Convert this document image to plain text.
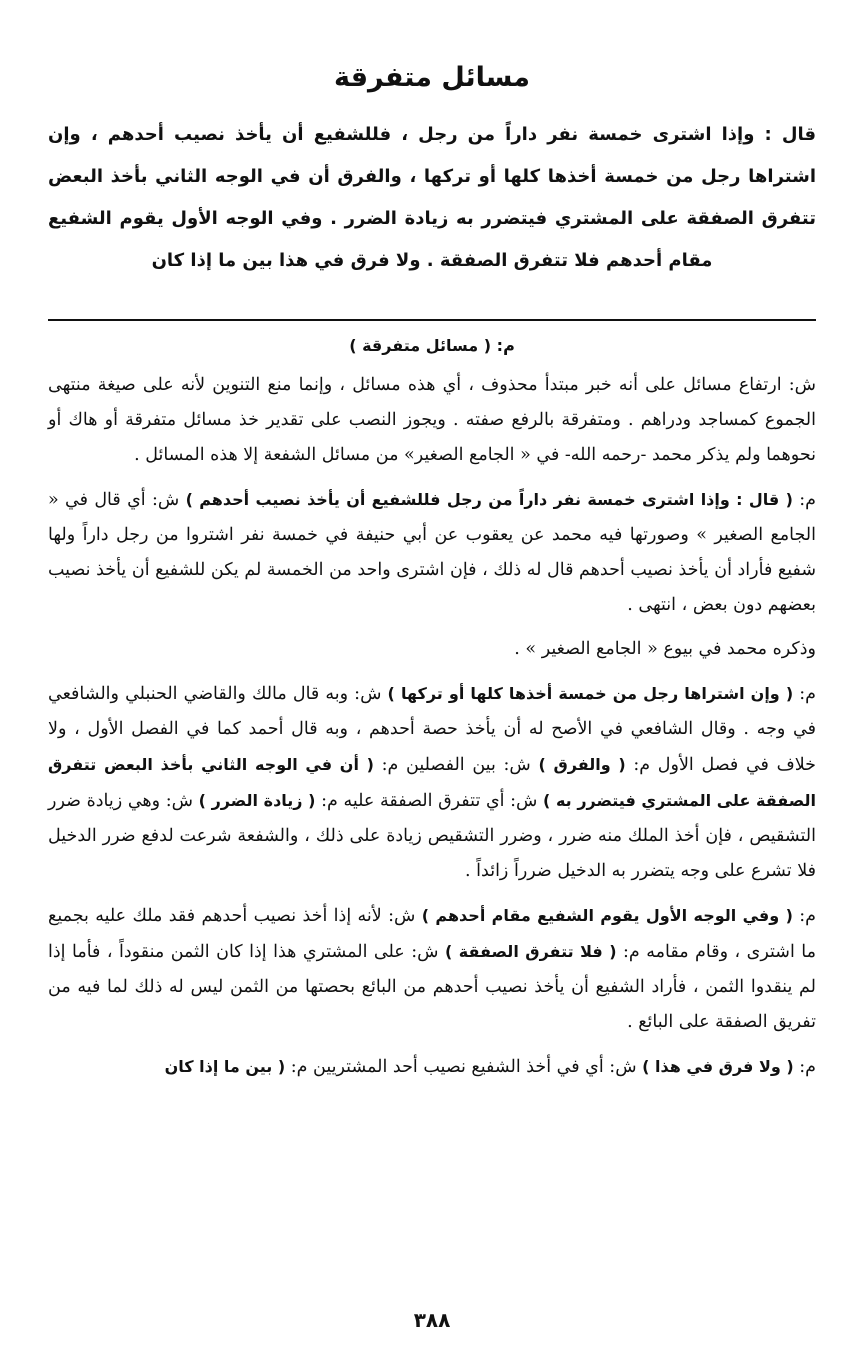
مسائل متفرقة
قال : وإذا اشترى خمسة نفر داراً من رجل ، فللشفيع أن يأخذ نصيب أحدهم ، وإن اشتراها رجل من خمسة أخذها كلها أو تركها ، والفرق أن في الوجه الثاني بأخذ البعض تتفرق الصفقة على المشتري فيتضرر به زيادة الضرر . وفي الوجه الأول يقوم الشفيع مقام أحدهم فلا تتفرق الصفقة . ولا فرق في هذا بين ما إذا كان
م: ( مسائل متفرقة )

ش: ارتفاع مسائل على أنه خبر مبتدأ محذوف ، أي هذه مسائل ، وإنما منع التنوين لأنه على صيغة منتهى الجموع كمساجد ودراهم . ومتفرقة بالرفع صفته . ويجوز النصب على تقدير خذ مسائل متفرقة أو هاك أو نحوهما ولم يذكر محمد -رحمه الله- في « الجامع الصغير» من مسائل الشفعة إلا هذه المسائل .

م: ( قال : وإذا اشترى خمسة نفر داراً من رجل فللشفيع أن يأخذ نصيب أحدهم ) ش: أي قال في « الجامع الصغير » وصورتها فيه محمد عن يعقوب عن أبي حنيفة في خمسة نفر اشتروا من رجل داراً ولها شفيع فأراد أن يأخذ نصيب أحدهم قال له ذلك ، فإن اشترى واحد من الخمسة لم يكن للشفيع أن يأخذ نصيب بعضهم دون بعض ، انتهى .

وذكره محمد في بيوع « الجامع الصغير » .

م: ( وإن اشتراها رجل من خمسة أخذها كلها أو تركها ) ش: وبه قال مالك والقاضي الحنبلي والشافعي في وجه . وقال الشافعي في الأصح له أن يأخذ حصة أحدهم ، وبه قال أحمد كما في الفصل الأول ، ولا خلاف في فصل الأول م: ( والفرق ) ش: بين الفصلين م: ( أن في الوجه الثاني بأخذ البعض تتفرق الصفقة على المشتري فيتضرر به ) ش: أي تتفرق الصفقة عليه م: ( زيادة الضرر ) ش: وهي زيادة ضرر التشقيص ، فإن أخذ الملك منه ضرر ، وضرر التشقيص زيادة على ذلك ، والشفعة شرعت لدفع ضرر الدخيل فلا تشرع على وجه يتضرر به الدخيل ضرراً زائداً .

م: ( وفي الوجه الأول يقوم الشفيع مقام أحدهم ) ش: لأنه إذا أخذ نصيب أحدهم فقد ملك عليه بجميع ما اشترى ، وقام مقامه م: ( فلا تتفرق الصفقة ) ش: على المشتري هذا إذا كان الثمن منقوداً ، فأما إذا لم ينقدوا الثمن ، فأراد الشفيع أن يأخذ نصيب أحدهم من البائع بحصتها من الثمن ليس له ذلك لما فيه من تفريق الصفقة على البائع .

م: ( ولا فرق في هذا ) ش: أي في أخذ الشفيع نصيب أحد المشتريين م: ( بين ما إذا كان

٣٨٨
